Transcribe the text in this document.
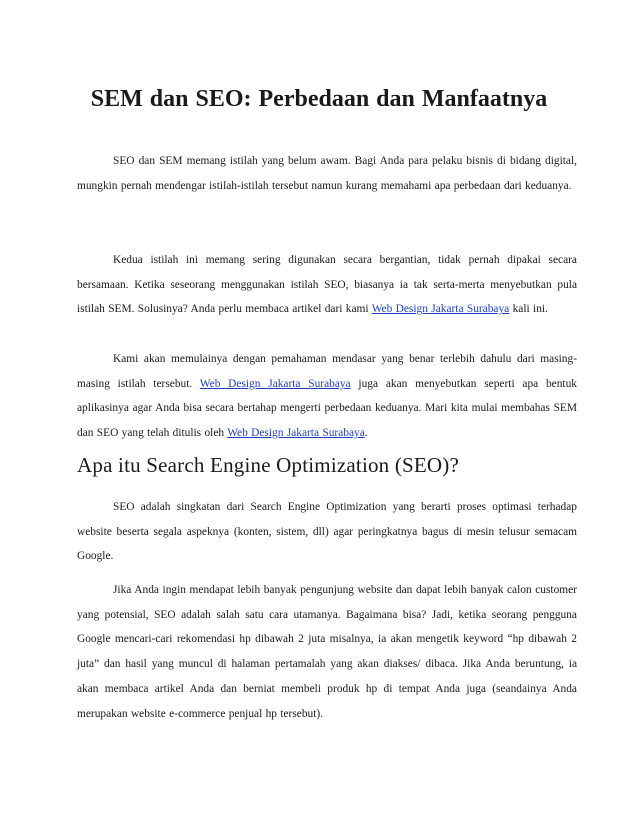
SEM dan SEO: Perbedaan dan Manfaatnya

SEO dan SEM memang istilah yang belum awam. Bagi Anda para pelaku bisnis di bidang digital, mungkin pernah mendengar istilah-istilah tersebut namun kurang memahami apa perbedaan dari keduanya.

Kedua istilah ini memang sering digunakan secara bergantian, tidak pernah dipakai secara bersamaan. Ketika seseorang menggunakan istilah SEO, biasanya ia tak serta-merta menyebutkan pula istilah SEM. Solusinya? Anda perlu membaca artikel dari kami Web Design Jakarta Surabaya kali ini.

Kami akan memulainya dengan pemahaman mendasar yang benar terlebih dahulu dari masing-masing istilah tersebut. Web Design Jakarta Surabaya juga akan menyebutkan seperti apa bentuk aplikasinya agar Anda bisa secara bertahap mengerti perbedaan keduanya. Mari kita mulai membahas SEM dan SEO yang telah ditulis oleh Web Design Jakarta Surabaya.

Apa itu Search Engine Optimization (SEO)?

SEO adalah singkatan dari Search Engine Optimization yang berarti proses optimasi terhadap website beserta segala aspeknya (konten, sistem, dll) agar peringkatnya bagus di mesin telusur semacam Google.

Jika Anda ingin mendapat lebih banyak pengunjung website dan dapat lebih banyak calon customer yang potensial, SEO adalah salah satu cara utamanya. Bagaimana bisa? Jadi, ketika seorang pengguna Google mencari-cari rekomendasi hp dibawah 2 juta misalnya, ia akan mengetik keyword “hp dibawah 2 juta” dan hasil yang muncul di halaman pertamalah yang akan diakses/ dibaca. Jika Anda beruntung, ia akan membaca artikel Anda dan berniat membeli produk hp di tempat Anda juga (seandainya Anda merupakan website e-commerce penjual hp tersebut).
